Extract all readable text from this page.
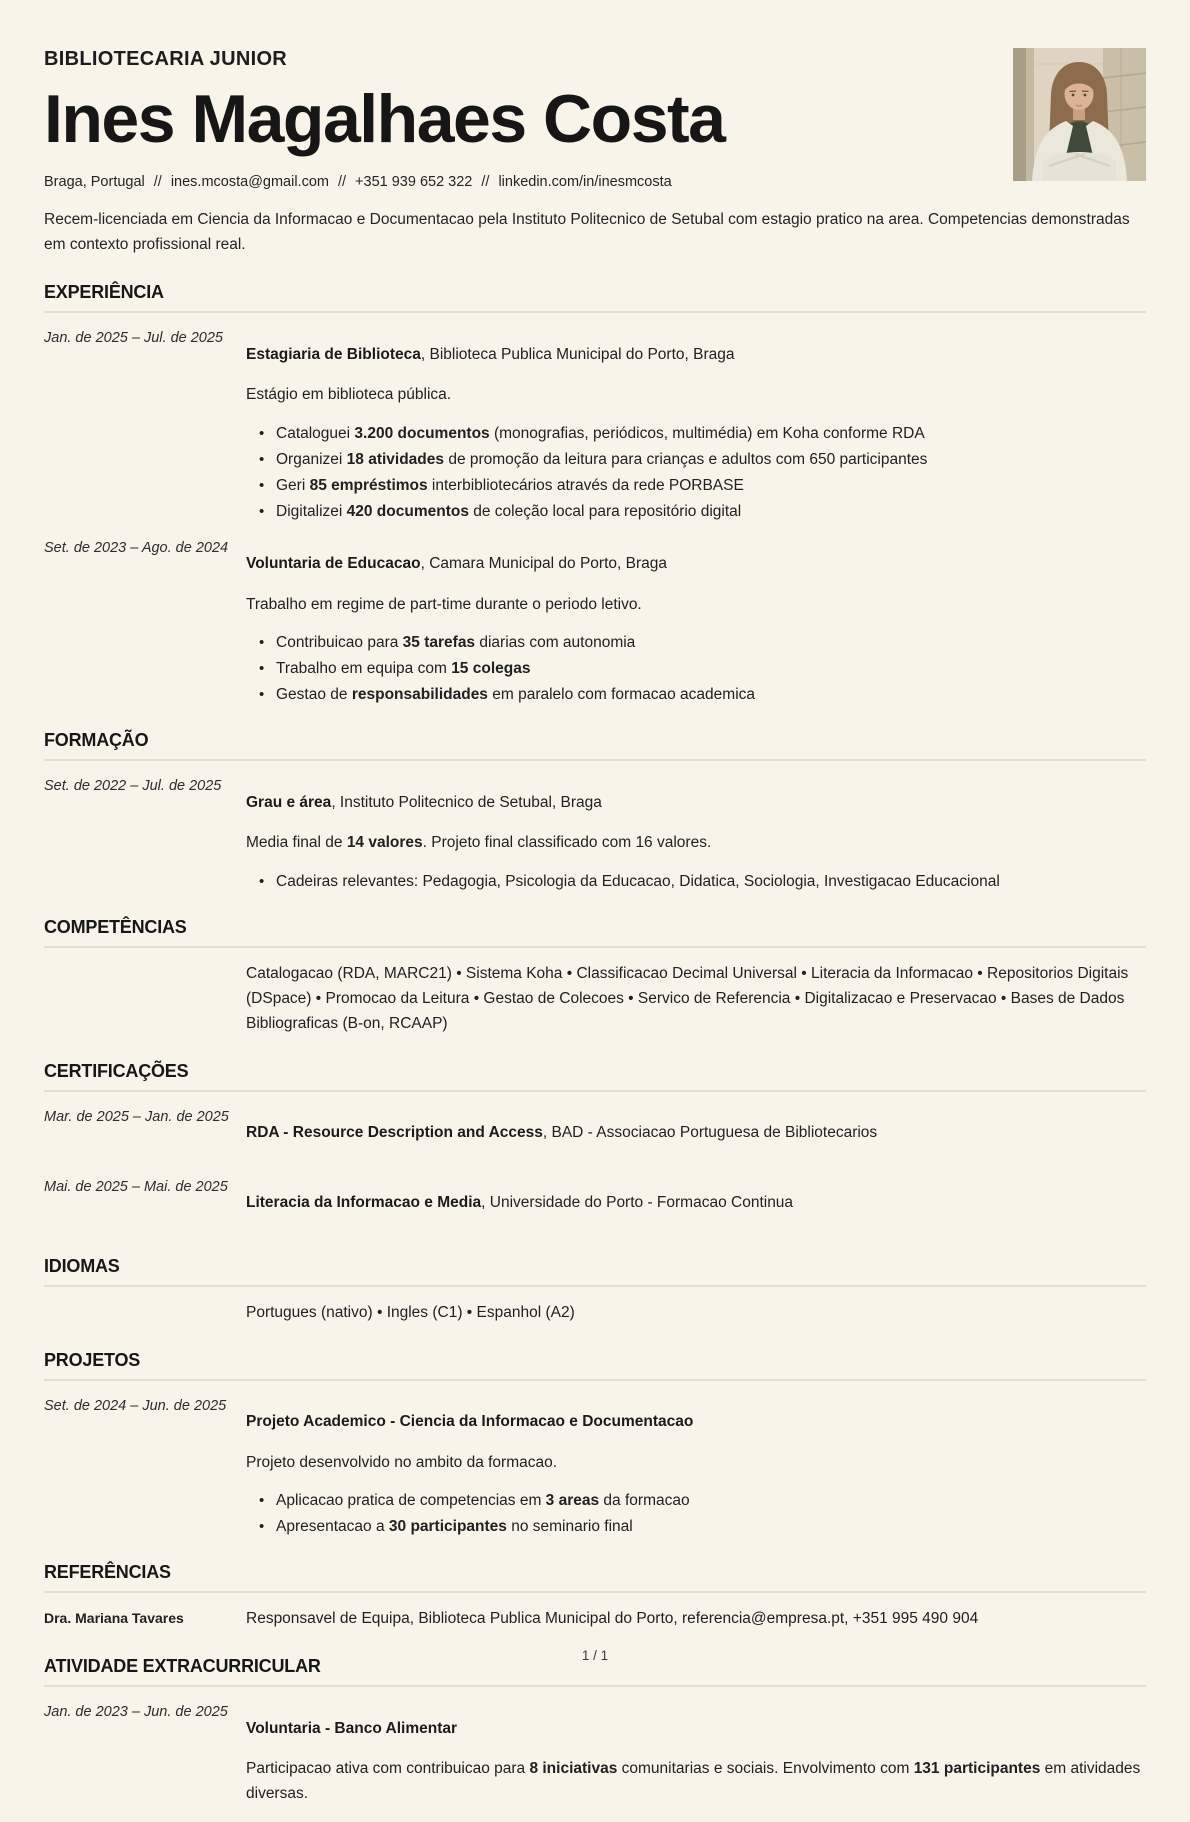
BIBLIOTECARIA JUNIOR
Ines Magalhaes Costa
Braga, Portugal // ines.mcosta@gmail.com // +351 939 652 322 // linkedin.com/in/inesmcosta
Recem-licenciada em Ciencia da Informacao e Documentacao pela Instituto Politecnico de Setubal com estagio pratico na area. Competencias demonstradas em contexto profissional real.
EXPERIÊNCIA
Jan. de 2025 – Jul. de 2025

Estagiaria de Biblioteca, Biblioteca Publica Municipal do Porto, Braga

Estágio em biblioteca pública.

• Cataloguei 3.200 documentos (monografias, periódicos, multimédia) em Koha conforme RDA
• Organizei 18 atividades de promoção da leitura para crianças e adultos com 650 participantes
• Geri 85 empréstimos interbibliotecários através da rede PORBASE
• Digitalizei 420 documentos de coleção local para repositório digital
Set. de 2023 – Ago. de 2024

Voluntaria de Educacao, Camara Municipal do Porto, Braga

Trabalho em regime de part-time durante o periodo letivo.

• Contribuicao para 35 tarefas diarias com autonomia
• Trabalho em equipa com 15 colegas
• Gestao de responsabilidades em paralelo com formacao academica
FORMAÇÃO
Set. de 2022 – Jul. de 2025

Grau e área, Instituto Politecnico de Setubal, Braga

Media final de 14 valores. Projeto final classificado com 16 valores.

• Cadeiras relevantes: Pedagogia, Psicologia da Educacao, Didatica, Sociologia, Investigacao Educacional
COMPETÊNCIAS
Catalogacao (RDA, MARC21) • Sistema Koha • Classificacao Decimal Universal • Literacia da Informacao • Repositorios Digitais (DSpace) • Promocao da Leitura • Gestao de Colecoes • Servico de Referencia • Digitalizacao e Preservacao • Bases de Dados Bibliograficas (B-on, RCAAP)
CERTIFICAÇÕES
Mar. de 2025 – Jan. de 2025

RDA - Resource Description and Access, BAD - Associacao Portuguesa de Bibliotecarios

Mai. de 2025 – Mai. de 2025

Literacia da Informacao e Media, Universidade do Porto - Formacao Continua

IDIOMAS
Portugues (nativo) • Ingles (C1) • Espanhol (A2)
PROJETOS
Set. de 2024 – Jun. de 2025

Projeto Academico - Ciencia da Informacao e Documentacao

Projeto desenvolvido no ambito da formacao.

• Aplicacao pratica de competencias em 3 areas da formacao
• Apresentacao a 30 participantes no seminario final
REFERÊNCIAS
Dra. Mariana Tavares	Responsavel de Equipa, Biblioteca Publica Municipal do Porto, referencia@empresa.pt, +351 995 490 904
ATIVIDADE EXTRACURRICULAR
Jan. de 2023 – Jun. de 2025

Voluntaria - Banco Alimentar

Participacao ativa com contribuicao para 8 iniciativas comunitarias e sociais. Envolvimento com 131 participantes em atividades diversas.

1 / 1
